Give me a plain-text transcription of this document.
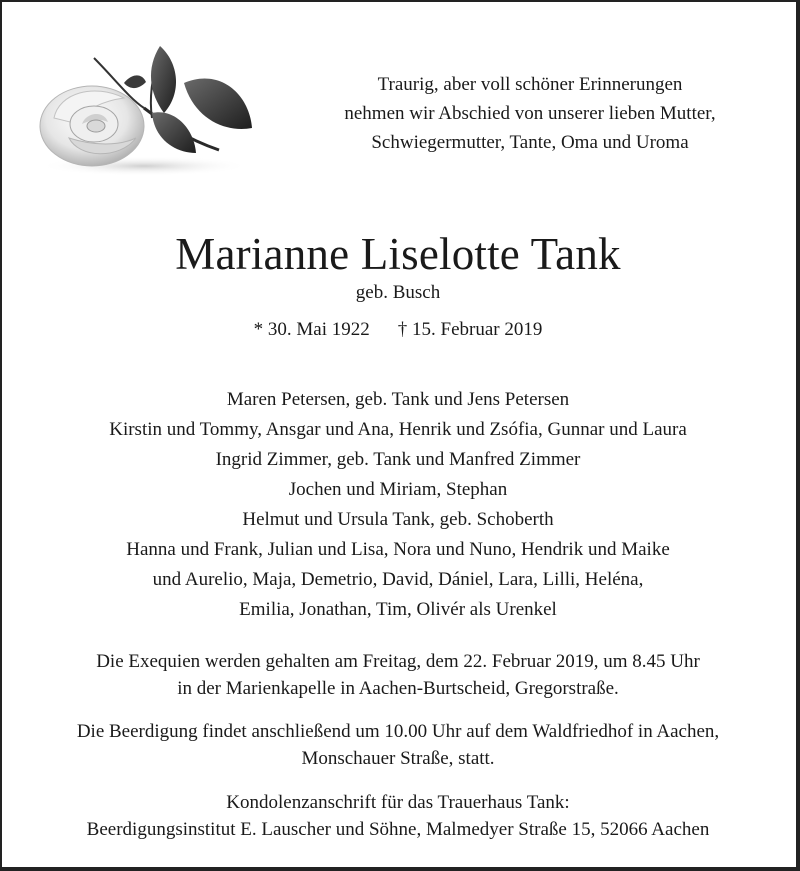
Traurig, aber voll schöner Erinnerungen
nehmen wir Abschied von unserer lieben Mutter,
Schwiegermutter, Tante, Oma und Uroma
Marianne Liselotte Tank
geb. Busch
* 30. Mai 1922 † 15. Februar 2019
Maren Petersen, geb. Tank und Jens Petersen
Kirstin und Tommy, Ansgar und Ana, Henrik und Zsófia, Gunnar und Laura
Ingrid Zimmer, geb. Tank und Manfred Zimmer
Jochen und Miriam, Stephan
Helmut und Ursula Tank, geb. Schoberth
Hanna und Frank, Julian und Lisa, Nora und Nuno, Hendrik und Maike
und Aurelio, Maja, Demetrio, David, Dániel, Lara, Lilli, Heléna,
Emilia, Jonathan, Tim, Olivér als Urenkel
Die Exequien werden gehalten am Freitag, dem 22. Februar 2019, um 8.45 Uhr
in der Marienkapelle in Aachen-Burtscheid, Gregorstraße.
Die Beerdigung findet anschließend um 10.00 Uhr auf dem Waldfriedhof in Aachen,
Monschauer Straße, statt.
Kondolenzanschrift für das Trauerhaus Tank:
Beerdigungsinstitut E. Lauscher und Söhne, Malmedyer Straße 15, 52066 Aachen
